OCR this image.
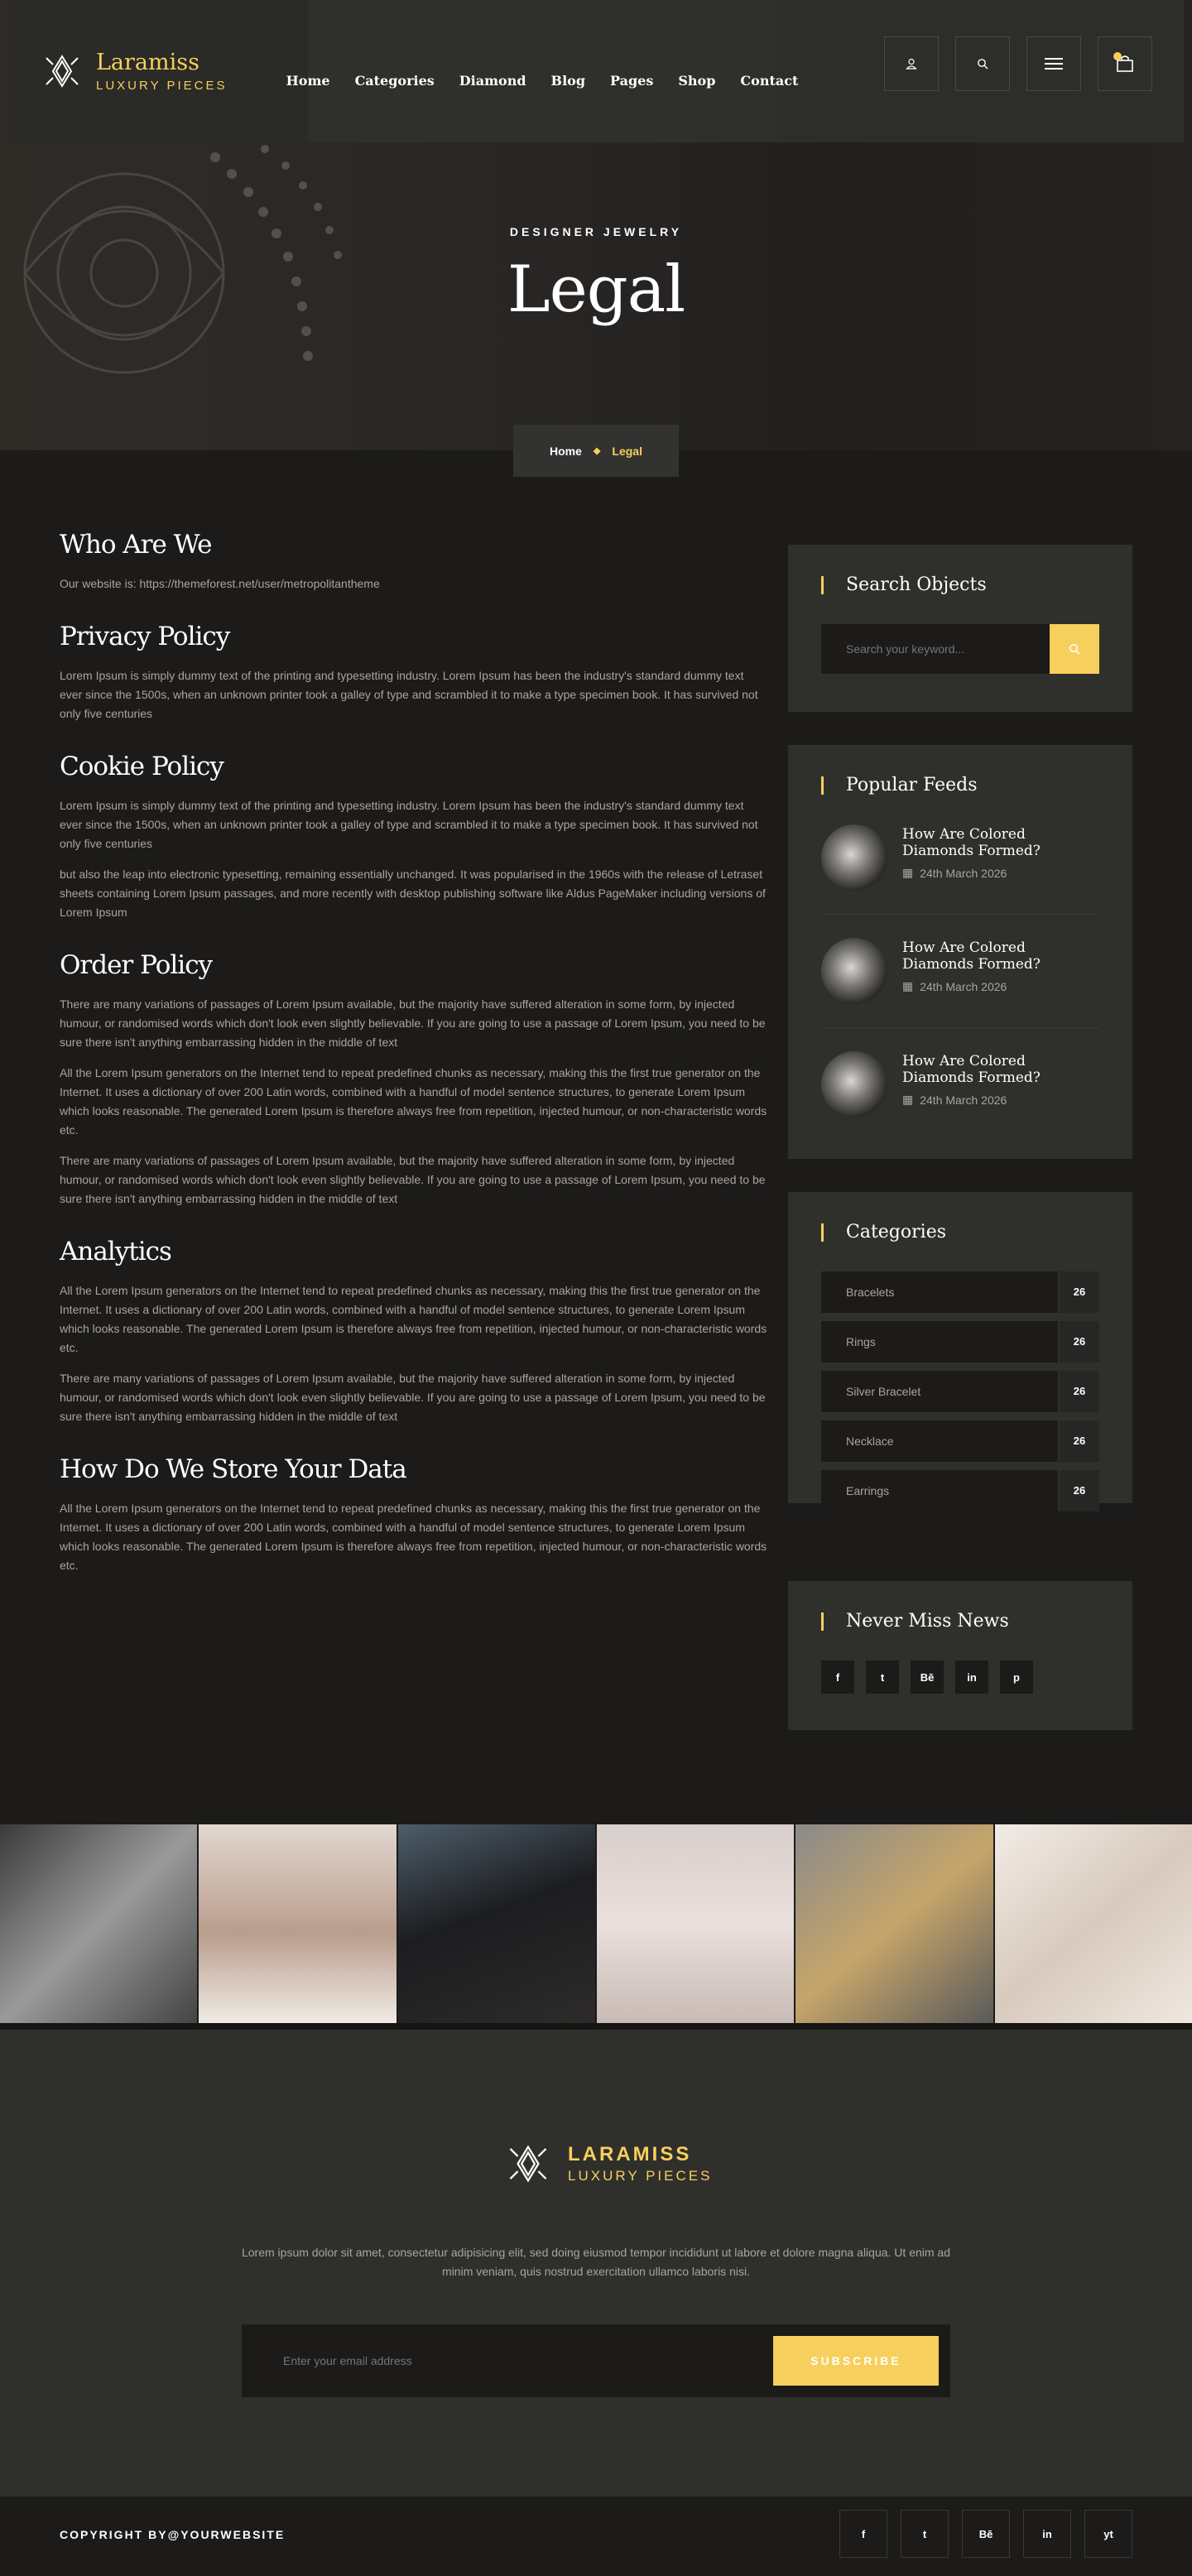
DESIGNER JEWELRY
Legal
Laramiss
LUXURY PIECES	Home Categories Diamond Blog Pages Shop Contact
Home ◆ Legal
Who Are We

Our website is: https://themeforest.net/user/metropolitantheme

Privacy Policy

Lorem Ipsum is simply dummy text of the printing and typesetting industry. Lorem Ipsum has been the industry's standard dummy text ever since the 1500s, when an unknown printer took a galley of type and scrambled it to make a type specimen book. It has survived not only five centuries

Cookie Policy

Lorem Ipsum is simply dummy text of the printing and typesetting industry. Lorem Ipsum has been the industry's standard dummy text ever since the 1500s, when an unknown printer took a galley of type and scrambled it to make a type specimen book. It has survived not only five centuries

but also the leap into electronic typesetting, remaining essentially unchanged. It was popularised in the 1960s with the release of Letraset sheets containing Lorem Ipsum passages, and more recently with desktop publishing software like Aldus PageMaker including versions of Lorem Ipsum

Order Policy

There are many variations of passages of Lorem Ipsum available, but the majority have suffered alteration in some form, by injected humour, or randomised words which don't look even slightly believable. If you are going to use a passage of Lorem Ipsum, you need to be sure there isn't anything embarrassing hidden in the middle of text

All the Lorem Ipsum generators on the Internet tend to repeat predefined chunks as necessary, making this the first true generator on the Internet. It uses a dictionary of over 200 Latin words, combined with a handful of model sentence structures, to generate Lorem Ipsum which looks reasonable. The generated Lorem Ipsum is therefore always free from repetition, injected humour, or non-characteristic words etc.

There are many variations of passages of Lorem Ipsum available, but the majority have suffered alteration in some form, by injected humour, or randomised words which don't look even slightly believable. If you are going to use a passage of Lorem Ipsum, you need to be sure there isn't anything embarrassing hidden in the middle of text

Analytics

All the Lorem Ipsum generators on the Internet tend to repeat predefined chunks as necessary, making this the first true generator on the Internet. It uses a dictionary of over 200 Latin words, combined with a handful of model sentence structures, to generate Lorem Ipsum which looks reasonable. The generated Lorem Ipsum is therefore always free from repetition, injected humour, or non-characteristic words etc.

There are many variations of passages of Lorem Ipsum available, but the majority have suffered alteration in some form, by injected humour, or randomised words which don't look even slightly believable. If you are going to use a passage of Lorem Ipsum, you need to be sure there isn't anything embarrassing hidden in the middle of text

How Do We Store Your Data

All the Lorem Ipsum generators on the Internet tend to repeat predefined chunks as necessary, making this the first true generator on the Internet. It uses a dictionary of over 200 Latin words, combined with a handful of model sentence structures, to generate Lorem Ipsum which looks reasonable. The generated Lorem Ipsum is therefore always free from repetition, injected humour, or non-characteristic words etc.

Search Objects
Search your keyword...
Popular Feeds
How Are Colored Diamonds Formed?
▦ 24th March 2026
How Are Colored Diamonds Formed?
▦ 24th March 2026
How Are Colored Diamonds Formed?
▦ 24th March 2026
Categories
Bracelets	26
Rings	26
Silver Bracelet	26
Necklace	26
Earrings	26
Never Miss News
f	t	Bē	in	p
LARAMISS
LUXURY PIECES

Lorem ipsum dolor sit amet, consectetur adipisicing elit, sed doing eiusmod tempor incididunt ut labore et dolore magna aliqua. Ut enim ad minim veniam, quis nostrud exercitation ullamco laboris nisi.

Enter your email address
SUBSCRIBE
COPYRIGHT BY@YOURWEBSITE	f	t	Bē	in	yt
